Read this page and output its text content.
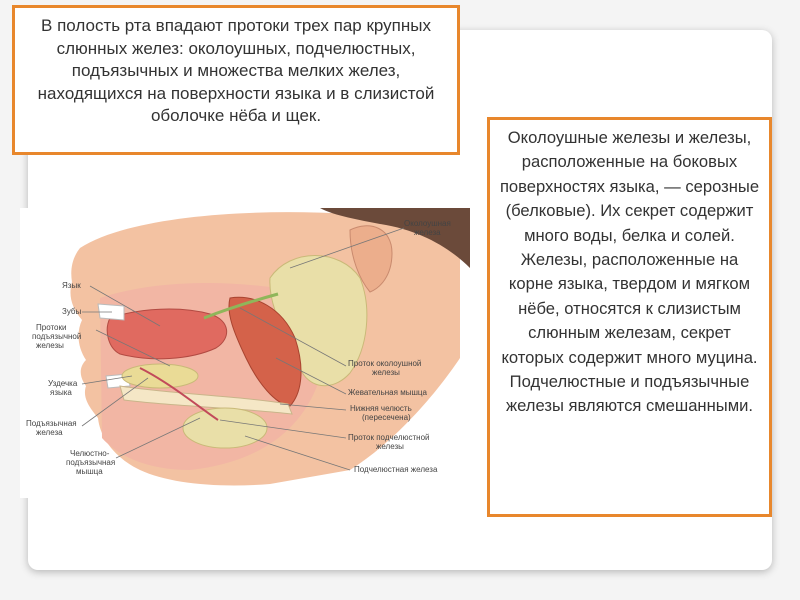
В полость рта впадают протоки трех пар крупных слюнных желез: околоушных, подчелюстных, подъязычных и множества мелких желез, находящихся на поверхности языка и в слизистой оболочке нёба и щек.
Язык
Зубы
Протоки
подъязычной
железы
Уздечка
языка
Подъязычная
железа
Челюстно-
подъязычная
мышца
Околоушная
железа
Проток околоушной
железы
Жевательная мышца
Нижняя челюсть
(пересечена)
Проток подчелюстной
железы
Подчелюстная железа
Околоушные железы и железы, расположенные на боковых поверхностях языка, — серозные (белковые). Их секрет содержит много воды, белка и солей. Железы, расположенные на корне языка, твердом и мягком нёбе, относятся к слизистым слюнным железам, секрет которых содержит много муцина. Подчелюстные и подъязычные железы являются смешанными.
